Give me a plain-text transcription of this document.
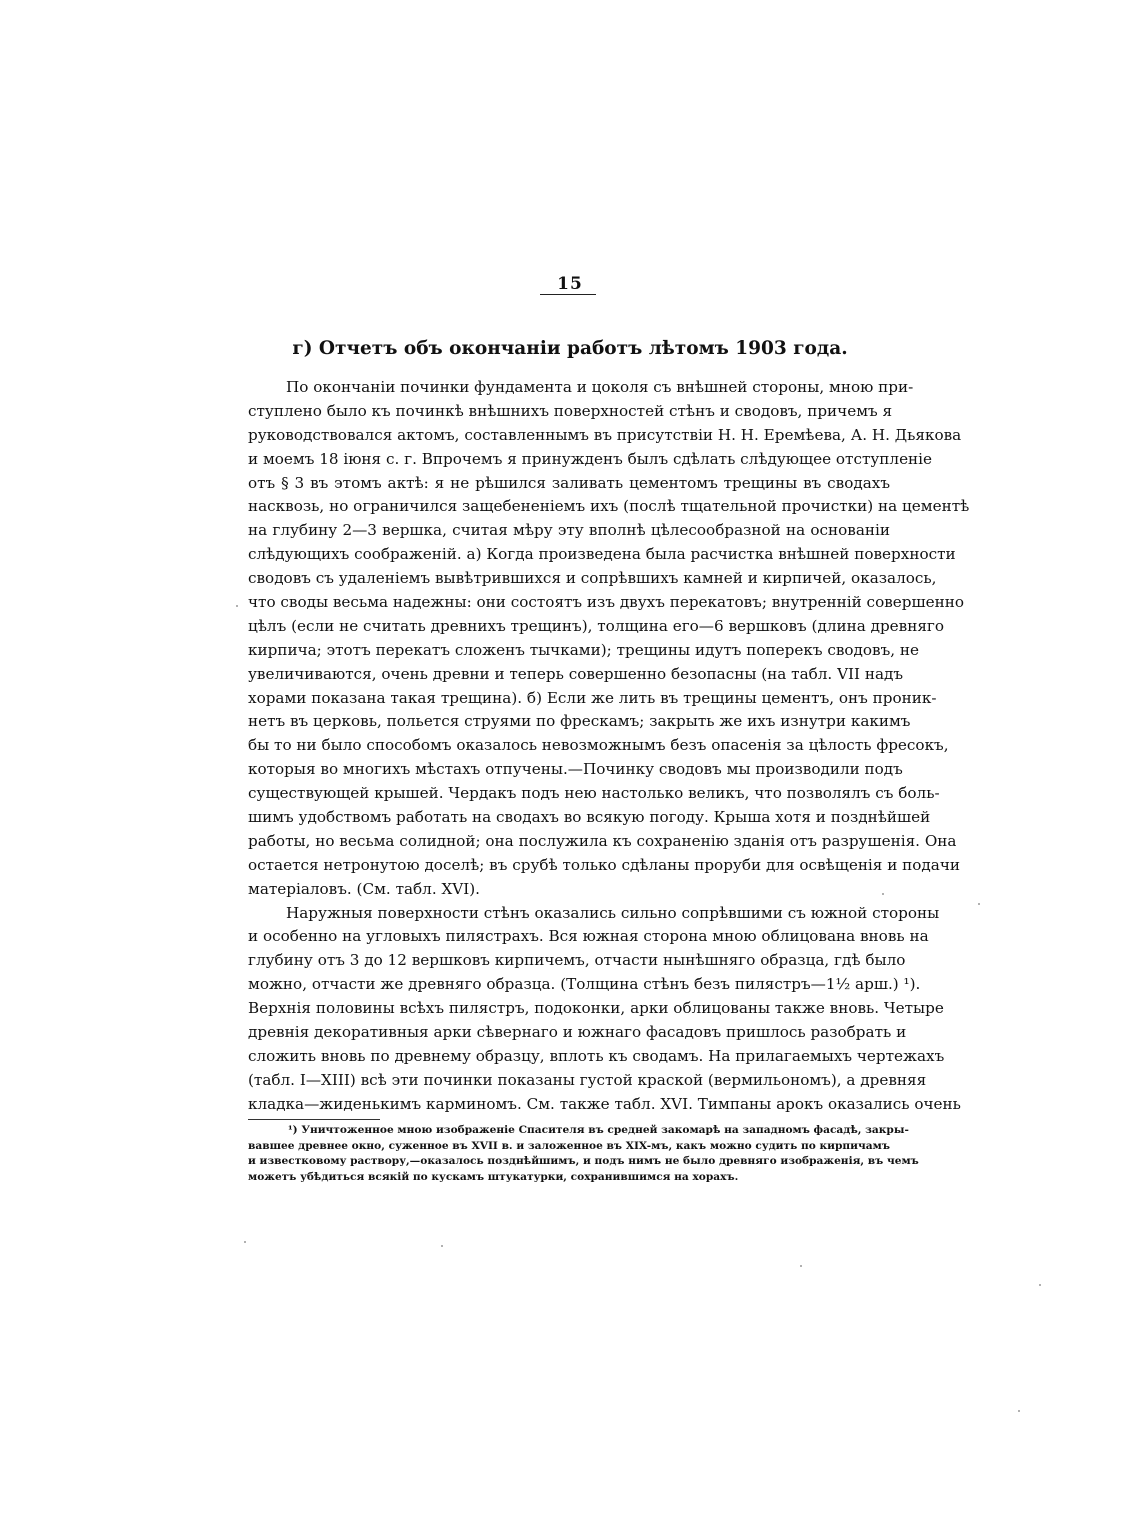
15
г) Отчетъ объ окончанiи работъ лѣтомъ 1903 года.
По окончанiи починки фундамента и цоколя съ внѣшней стороны, мною при-
ступлено было къ починкѣ внѣшнихъ поверхностей стѣнъ и сводовъ, причемъ я
руководствовался актомъ, составленнымъ въ присутствiи Н. Н. Еремѣева, А. Н. Дьякова
и моемъ 18 iюня с. г. Впрочемъ я принужденъ былъ сдѣлать слѣдующее отступленiе
отъ § 3 въ этомъ актѣ: я не рѣшился заливать цементомъ трещины въ сводахъ
насквозь, но ограничился защебененiемъ ихъ (послѣ тщательной прочистки) на цементѣ
на глубину 2—3 вершка, считая мѣру эту вполнѣ цѣлесообразной на основанiи
слѣдующихъ соображенiй. а) Когда произведена была расчистка внѣшней поверхности
сводовъ съ удаленiемъ вывѣтрившихся и сопрѣвшихъ камней и кирпичей, оказалось,
что своды весьма надежны: они состоятъ изъ двухъ перекатовъ; внутреннiй совершенно
цѣлъ (если не считать древнихъ трещинъ), толщина его—6 вершковъ (длина древняго
кирпича; этотъ перекатъ сложенъ тычками); трещины идутъ поперекъ сводовъ, не
увеличиваются, очень древни и теперь совершенно безопасны (на табл. VII надъ
хорами показана такая трещина). б) Если же лить въ трещины цементъ, онъ проник-
нетъ въ церковь, польется струями по фрескамъ; закрыть же ихъ изнутри какимъ
бы то ни было способомъ оказалось невозможнымъ безъ опасенiя за цѣлость фресокъ,
которыя во многихъ мѣстахъ отпучены.—Починку сводовъ мы производили подъ
существующей крышей. Чердакъ подъ нею настолько великъ, что позволялъ съ боль-
шимъ удобствомъ работать на сводахъ во всякую погоду. Крыша хотя и позднѣйшей
работы, но весьма солидной; она послужила къ сохраненiю зданiя отъ разрушенiя. Она
остается нетронутою доселѣ; въ срубѣ только сдѣланы проруби для освѣщенiя и подачи
матерiаловъ. (См. табл. XVI).
Наружныя поверхности стѣнъ оказались сильно сопрѣвшими съ южной стороны
и особенно на угловыхъ пилястрахъ. Вся южная сторона мною облицована вновь на
глубину отъ 3 до 12 вершковъ кирпичемъ, отчасти нынѣшняго образца, гдѣ было
можно, отчасти же древняго образца. (Толщина стѣнъ безъ пилястръ—1½ арш.) ¹).
Верхнiя половины всѣхъ пилястръ, подоконки, арки облицованы также вновь. Четыре
древнiя декоративныя арки сѣвернаго и южнаго фасадовъ пришлось разобрать и
сложить вновь по древнему образцу, вплоть къ сводамъ. На прилагаемыхъ чертежахъ
(табл. I—XIII) всѣ эти починки показаны густой краской (вермильономъ), а древняя
кладка—жиденькимъ карминомъ. См. также табл. XVI. Тимпаны арокъ оказались очень
¹) Уничтоженное мною изображенiе Спасителя въ средней закомарѣ на западномъ фасадѣ, закры-
вавшее древнее окно, суженное въ XVII в. и заложенное въ XIX-мъ, какъ можно судить по кирпичамъ
и известковому раствору,—оказалось позднѣйшимъ, и подъ нимъ не было древняго изображенiя, въ чемъ
можетъ убѣдиться всякiй по кускамъ штукатурки, сохранившимся на хорахъ.
